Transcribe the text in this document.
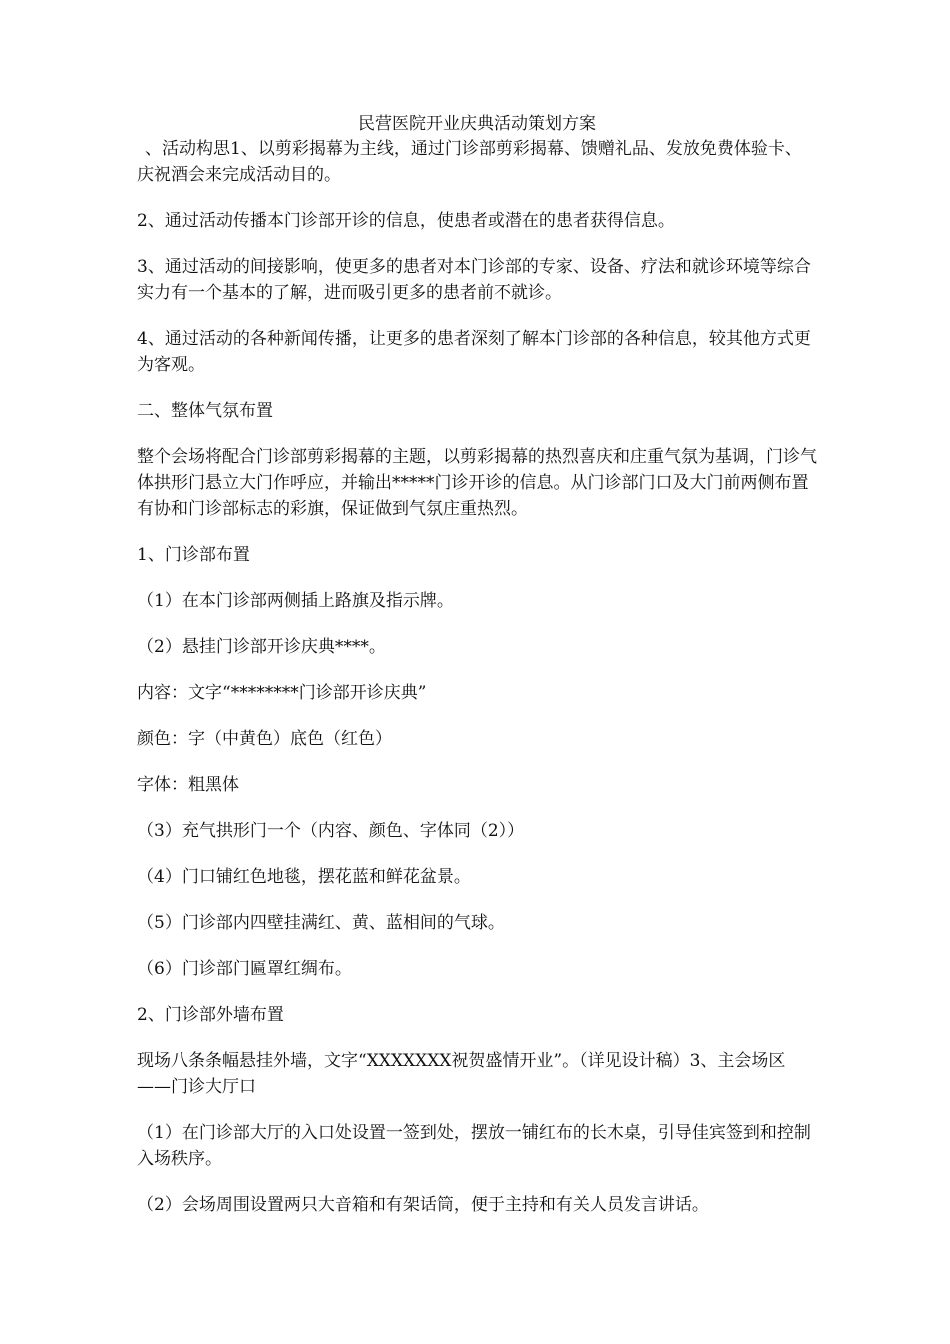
民营医院开业庆典活动策划方案

、活动构思1、以剪彩揭幕为主线，通过门诊部剪彩揭幕、馈赠礼品、发放免费体验卡、庆祝酒会来完成活动目的。

2、通过活动传播本门诊部开诊的信息，使患者或潜在的患者获得信息。

3、通过活动的间接影响，使更多的患者对本门诊部的专家、设备、疗法和就诊环境等综合实力有一个基本的了解，进而吸引更多的患者前不就诊。

4、通过活动的各种新闻传播，让更多的患者深刻了解本门诊部的各种信息，较其他方式更为客观。

二、整体气氛布置

整个会场将配合门诊部剪彩揭幕的主题，以剪彩揭幕的热烈喜庆和庄重气氛为基调，门诊气体拱形门悬立大门作呼应，并输出*****门诊开诊的信息。从门诊部门口及大门前两侧布置有协和门诊部标志的彩旗，保证做到气氛庄重热烈。

1、门诊部布置

（1）在本门诊部两侧插上路旗及指示牌。

（2）悬挂门诊部开诊庆典****。

内容：文字“********门诊部开诊庆典”

颜色：字（中黄色）底色（红色）

字体：粗黑体

（3）充气拱形门一个（内容、颜色、字体同（2））

（4）门口铺红色地毯，摆花蓝和鲜花盆景。

（5）门诊部内四壁挂满红、黄、蓝相间的气球。

（6）门诊部门匾罩红绸布。

2、门诊部外墙布置

现场八条条幅悬挂外墙，文字“XXXXXXX祝贺盛情开业”。（详见设计稿）3、主会场区——门诊大厅口

（1）在门诊部大厅的入口处设置一签到处，摆放一铺红布的长木桌，引导佳宾签到和控制入场秩序。

（2）会场周围设置两只大音箱和有架话筒，便于主持和有关人员发言讲话。
